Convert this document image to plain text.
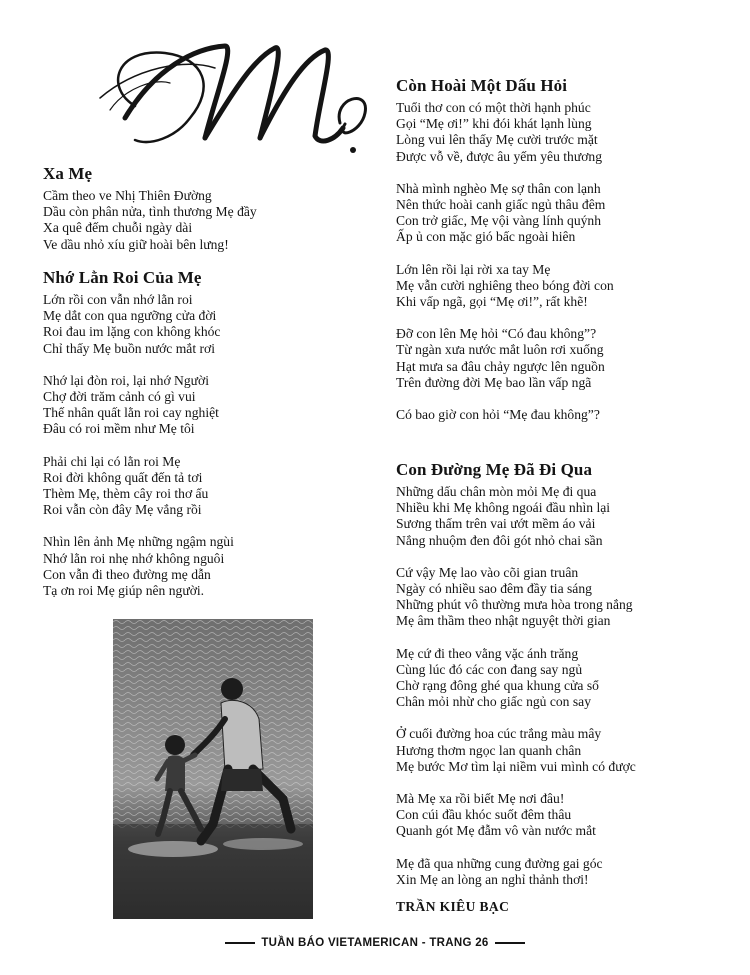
Xa Mẹ
Cầm theo ve Nhị Thiên Đường
Dầu còn phân nửa, tình thương Mẹ đầy
Xa quê đếm chuỗi ngày dài
Ve dầu nhỏ xíu giữ hoài bên lưng!
Nhớ Lằn Roi Của Mẹ
Lớn rồi con vẫn nhớ lằn roi
Mẹ dắt con qua ngưỡng cửa đời
Roi đau im lặng con không khóc
Chỉ thấy Mẹ buồn nước mắt rơi
Nhớ lại đòn roi, lại nhớ Người
Chợ đời trăm cảnh có gì vui
Thế nhân quất lằn roi cay nghiệt
Đâu có roi mềm như Mẹ tôi
Phải chi lại có lằn roi Mẹ
Roi đời không quất đến tả tơi
Thèm Mẹ, thèm cây roi thơ ấu
Roi vẫn còn đây Mẹ vắng rồi
Nhìn lên ảnh Mẹ những ngậm ngùi
Nhớ lằn roi nhẹ nhớ không nguôi
Con vẫn đi theo đường mẹ dẫn
Tạ ơn roi Mẹ giúp nên người.
Còn Hoài Một Dấu Hỏi
Tuổi thơ con có một thời hạnh phúc
Gọi “Mẹ ơi!” khi đói khát lạnh lùng
Lòng vui lên thấy Mẹ cười trước mặt
Được vỗ về, được âu yếm yêu thương
Nhà mình nghèo Mẹ sợ thân con lạnh
Nên thức hoài canh giấc ngủ thâu đêm
Con trở giấc, Mẹ vội vàng lính quýnh
Ấp ủ con mặc gió bấc ngoài hiên
Lớn lên rồi lại rời xa tay Mẹ
Mẹ vẫn cười nghiêng theo bóng đời con
Khi vấp ngã, gọi “Mẹ ơi!”, rất khẽ!
Đỡ con lên Mẹ hỏi “Có đau không”?
Từ ngàn xưa nước mắt luôn rơi xuống
Hạt mưa sa đâu chảy ngược lên nguồn
Trên đường đời Mẹ bao lần vấp ngã
Có bao giờ con hỏi “Mẹ đau không”?
Con Đường Mẹ Đã Đi Qua
Những dấu chân mòn mỏi Mẹ đi qua
Nhiều khi Mẹ không ngoái đầu nhìn lại
Sương thấm trên vai ướt mềm áo vải
Nắng nhuộm đen đôi gót nhỏ chai sần
Cứ vậy Mẹ lao vào cõi gian truân
Ngày có nhiều sao đêm đầy tia sáng
Những phút vô thường mưa hòa trong nắng
Mẹ âm thầm theo nhật nguyệt thời gian
Mẹ cứ đi theo vằng vặc ánh trăng
Cùng lúc đó các con đang say ngủ
Chờ rạng đông ghé qua khung cửa sổ
Chân mỏi nhừ cho giấc ngủ con say
Ở cuối đường hoa cúc trắng màu mây
Hương thơm ngọc lan quanh chân
Mẹ bước Mơ tìm lại niềm vui mình có được
Mà Mẹ xa rồi biết Mẹ nơi đâu!
Con cúi đầu khóc suốt đêm thâu
Quanh gót Mẹ đẫm vô vàn nước mắt
Mẹ đã qua những cung đường gai góc
Xin Mẹ an lòng an nghỉ thảnh thơi!
TRẦN KIÊU BẠC
TUẦN BÁO VIETAMERICAN - TRANG 26
